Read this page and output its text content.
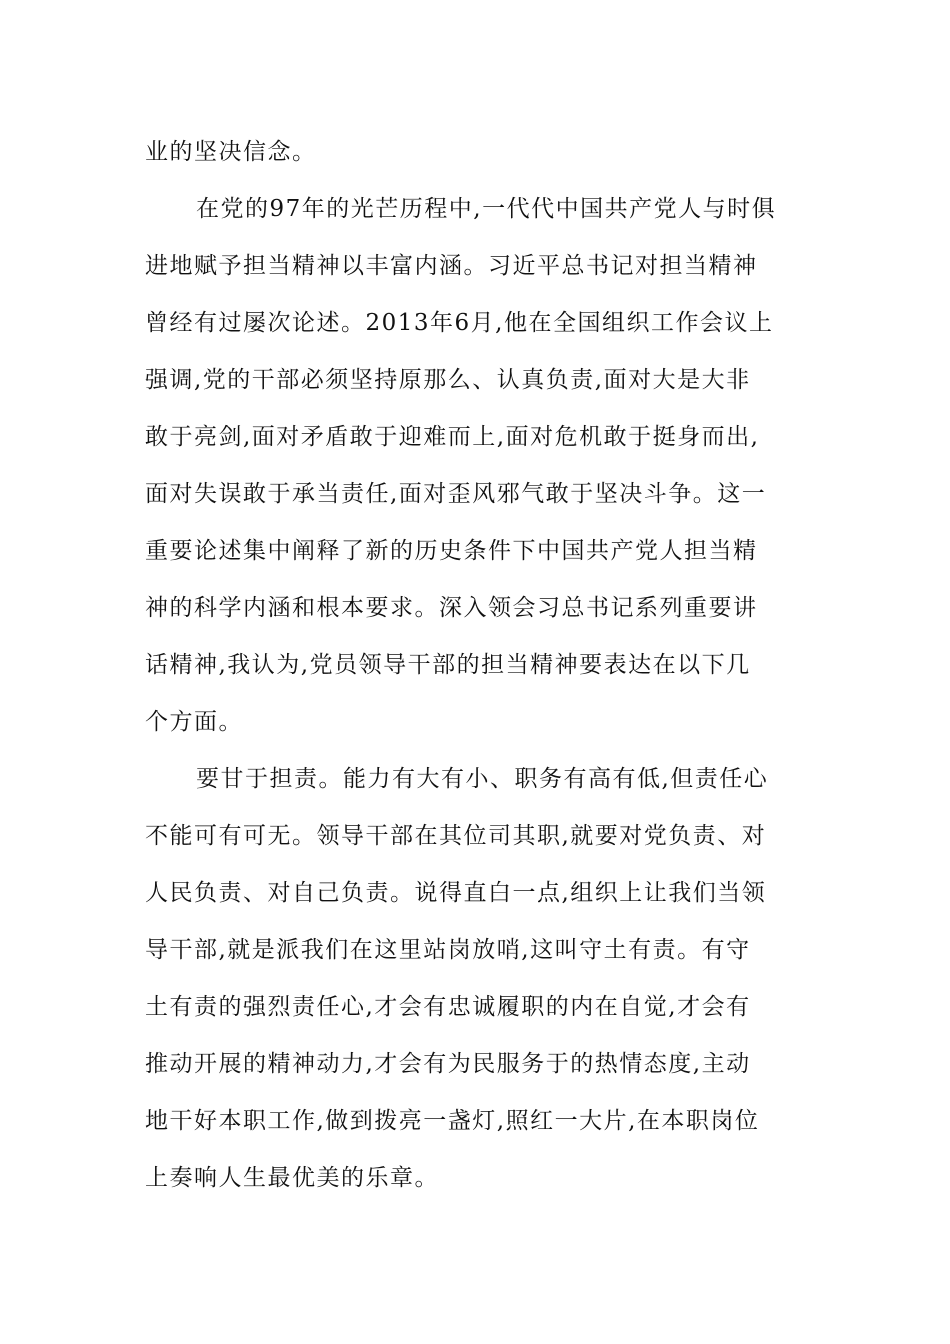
业的坚决信念。
在党的97年的光芒历程中,一代代中国共产党人与时俱
进地赋予担当精神以丰富内涵。习近平总书记对担当精神
曾经有过屡次论述。2013年6月,他在全国组织工作会议上
强调,党的干部必须坚持原那么、认真负责,面对大是大非
敢于亮剑,面对矛盾敢于迎难而上,面对危机敢于挺身而出,
面对失误敢于承当责任,面对歪风邪气敢于坚决斗争。这一
重要论述集中阐释了新的历史条件下中国共产党人担当精
神的科学内涵和根本要求。深入领会习总书记系列重要讲
话精神,我认为,党员领导干部的担当精神要表达在以下几
个方面。
要甘于担责。能力有大有小、职务有高有低,但责任心
不能可有可无。领导干部在其位司其职,就要对党负责、对
人民负责、对自己负责。说得直白一点,组织上让我们当领
导干部,就是派我们在这里站岗放哨,这叫守土有责。有守
土有责的强烈责任心,才会有忠诚履职的内在自觉,才会有
推动开展的精神动力,才会有为民服务于的热情态度,主动
地干好本职工作,做到拨亮一盏灯,照红一大片,在本职岗位
上奏响人生最优美的乐章。
